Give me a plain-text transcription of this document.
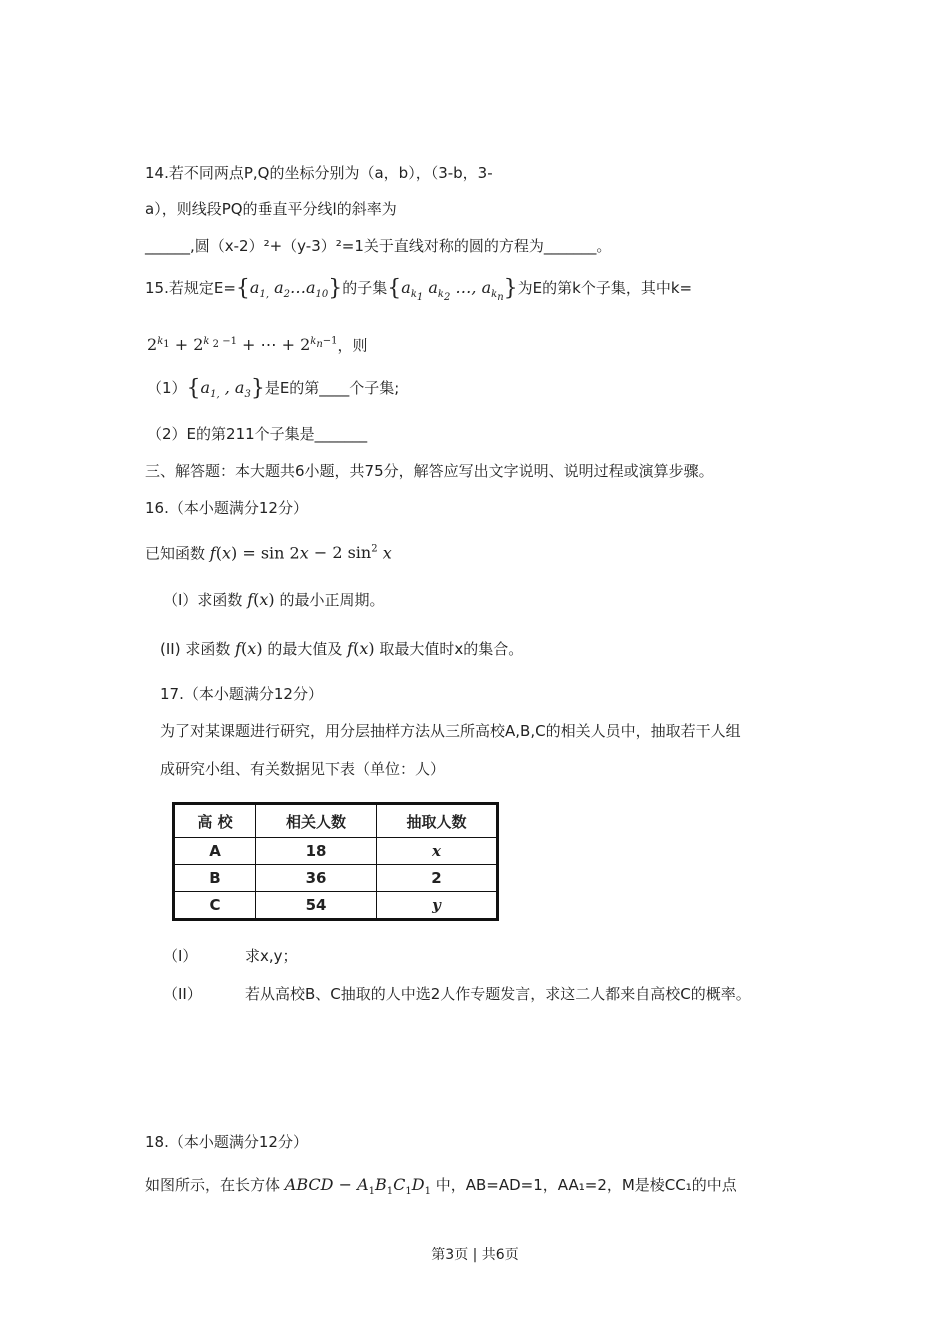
14.若不同两点P,Q的坐标分别为（a，b），（3-b，3-
a），则线段PQ的垂直平分线l的斜率为
______,圆（x-2）²+（y-3）²=1关于直线对称的圆的方程为_______。
15.若规定$E=\{a_{1,}$ $a_2\dots a_{10}$}的子集{$a_{k_1}$ $a_{k_2}$ …, $a_{k_n}$}为E的第k个子集，其中k=
$2^{k_1} + 2^{k _2 -1}$ + ⋯ + $2^{k_n-1}$，则
$(1)\{a_{1,}$ , $a_3$}是E的第____个子集;
（2）E的第211个子集是_______
三、解答题：本大题共6小题，共75分，解答应写出文字说明、说明过程或演算步骤。
16.（本小题满分12分）
已知函数 f(x) = sin 2x − 2 $\sin^2 x$
（I）求函数 f(x) 的最小正周期。
(II) 求函数 f(x) 的最大值及 f(x) 取最大值时x的集合。
17.（本小题满分12分）
为了对某课题进行研究，用分层抽样方法从三所高校A,B,C的相关人员中，抽取若干人组
成研究小组、有关数据见下表（单位：人）
高 校	相关人数	抽取人数
A	18	x
B	36	2
C	54	y
（I）	求x,y；
（II）	若从高校B、C抽取的人中选2人作专题发言，求这二人都来自高校C的概率。
18.（本小题满分12分）
如图所示，在长方体 ABCD − $A_1B_1C_1D_1$ 中，AB=AD=1，AA₁=2，M是棱CC₁的中点
第3页 | 共6页
